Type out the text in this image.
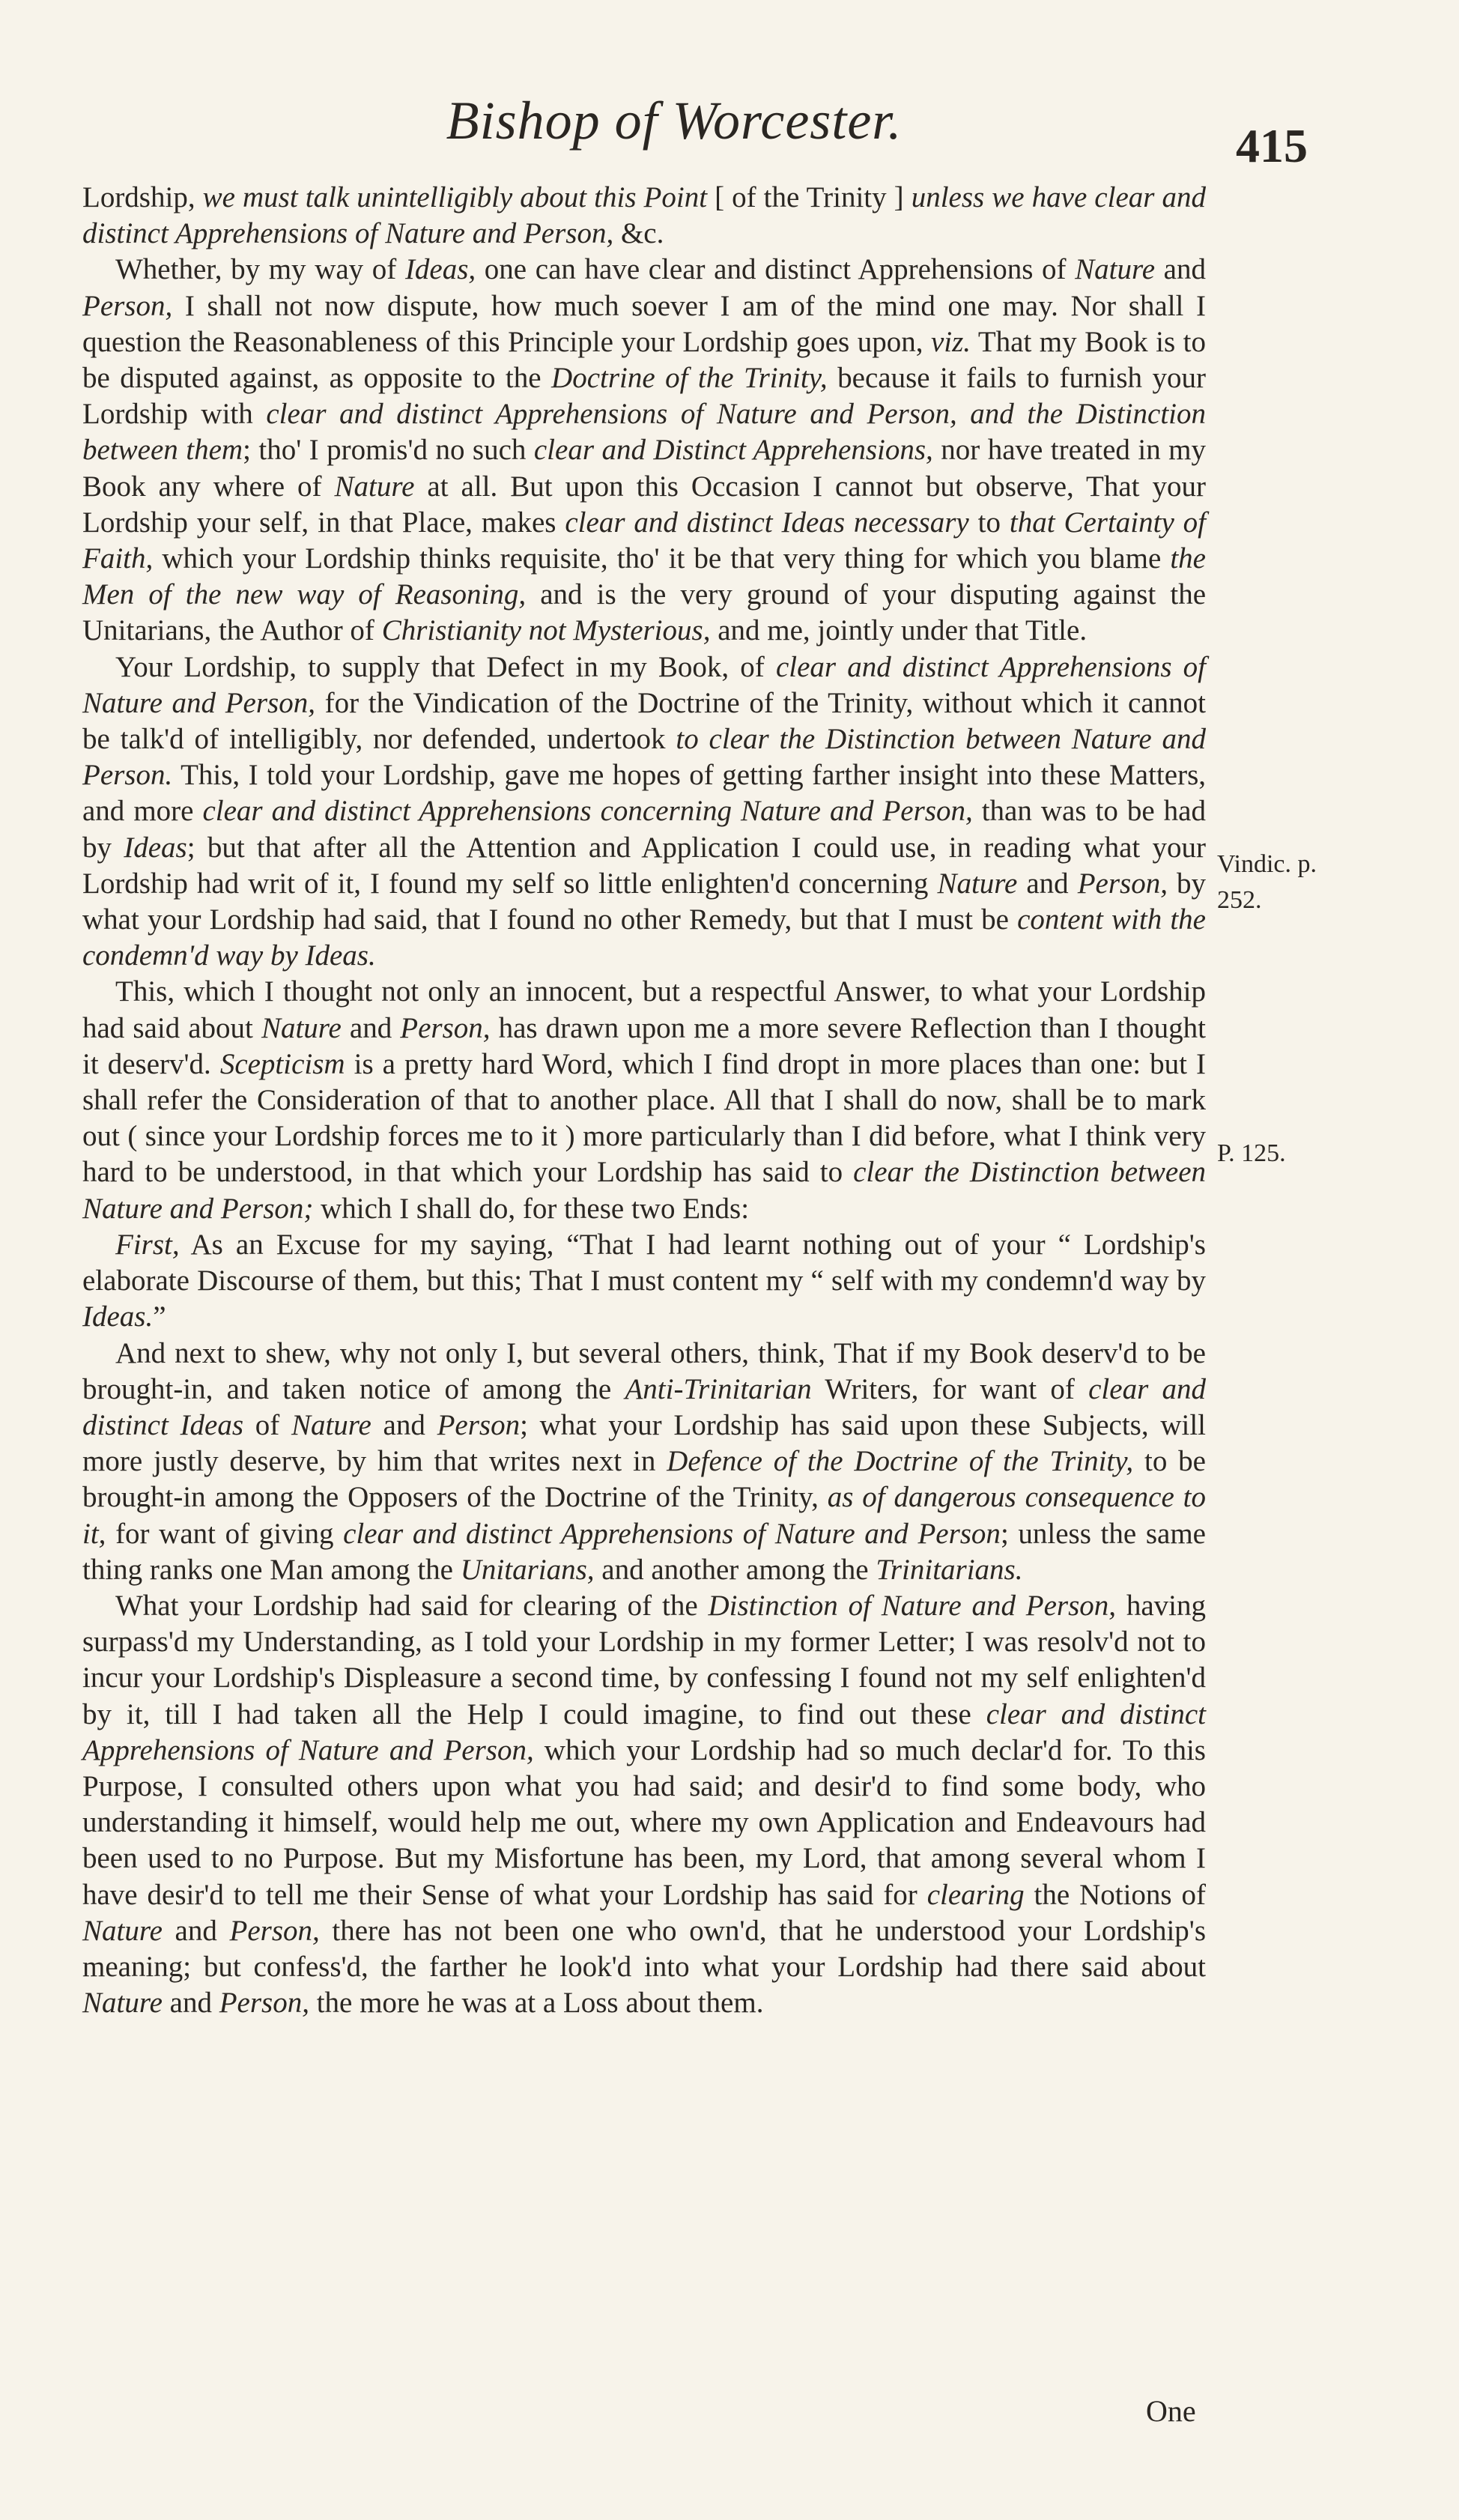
Bishop of Worcester.	415

Lordship, we must talk unintelligibly about this Point [ of the Trinity ] unless we have clear and distinct Apprehensions of Nature and Person, &c.

Whether, by my way of Ideas, one can have clear and distinct Apprehensions of Nature and Person, I shall not now dispute, how much soever I am of the mind one may. Nor shall I question the Reasonableness of this Principle your Lordship goes upon, viz. That my Book is to be disputed against, as opposite to the Doctrine of the Trinity, because it fails to furnish your Lordship with clear and distinct Apprehensions of Nature and Person, and the Distinction between them; tho' I promis'd no such clear and Distinct Apprehensions, nor have treated in my Book any where of Nature at all. But upon this Occasion I cannot but observe, That your Lordship your self, in that Place, makes clear and distinct Ideas necessary to that Certainty of Faith, which your Lordship thinks requisite, tho' it be that very thing for which you blame the Men of the new way of Reasoning, and is the very ground of your disputing against the Unitarians, the Author of Christianity not Mysterious, and me, jointly under that Title.

Your Lordship, to supply that Defect in my Book, of clear and distinct Apprehensions of Nature and Person, for the Vindication of the Doctrine of the Trinity, without which it cannot be talk'd of intelligibly, nor defended, undertook to clear the Distinction between Nature and Person. This, I told your Lordship, gave me hopes of getting farther insight into these Matters, and more clear and distinct Apprehensions concerning Nature and Person, than was to be had by Ideas; but that after all the Attention and Application I could use, in reading what your Lordship had writ of it, I found my self so little enlighten'd concerning Nature and Person, by what your Lordship had said, that I found no other Remedy, but that I must be content with the condemn'd way by Ideas.

This, which I thought not only an innocent, but a respectful Answer, to what your Lordship had said about Nature and Person, has drawn upon me a more severe Reflection than I thought it deserv'd. Scepticism is a pretty hard Word, which I find dropt in more places than one: but I shall refer the Consideration of that to another place. All that I shall do now, shall be to mark out ( since your Lordship forces me to it ) more particularly than I did before, what I think very hard to be understood, in that which your Lordship has said to clear the Distinction between Nature and Person; which I shall do, for these two Ends:

First, As an Excuse for my saying, “That I had learnt nothing out of your “ Lordship's elaborate Discourse of them, but this; That I must content my “ self with my condemn'd way by Ideas.”

And next to shew, why not only I, but several others, think, That if my Book deserv'd to be brought-in, and taken notice of among the Anti-Trinitarian Writers, for want of clear and distinct Ideas of Nature and Person; what your Lordship has said upon these Subjects, will more justly deserve, by him that writes next in Defence of the Doctrine of the Trinity, to be brought-in among the Opposers of the Doctrine of the Trinity, as of dangerous consequence to it, for want of giving clear and distinct Apprehensions of Nature and Person; unless the same thing ranks one Man among the Unitarians, and another among the Trinitarians.

What your Lordship had said for clearing of the Distinction of Nature and Person, having surpass'd my Understanding, as I told your Lordship in my former Letter; I was resolv'd not to incur your Lordship's Displeasure a second time, by confessing I found not my self enlighten'd by it, till I had taken all the Help I could imagine, to find out these clear and distinct Apprehensions of Nature and Person, which your Lordship had so much declar'd for. To this Purpose, I consulted others upon what you had said; and desir'd to find some body, who understanding it himself, would help me out, where my own Application and Endeavours had been used to no Purpose. But my Misfortune has been, my Lord, that among several whom I have desir'd to tell me their Sense of what your Lordship has said for clearing the Notions of Nature and Person, there has not been one who own'd, that he understood your Lordship's meaning; but confess'd, the farther he look'd into what your Lordship had there said about Nature and Person, the more he was at a Loss about them.

Vindic. p.
252.
P. 125.
One
